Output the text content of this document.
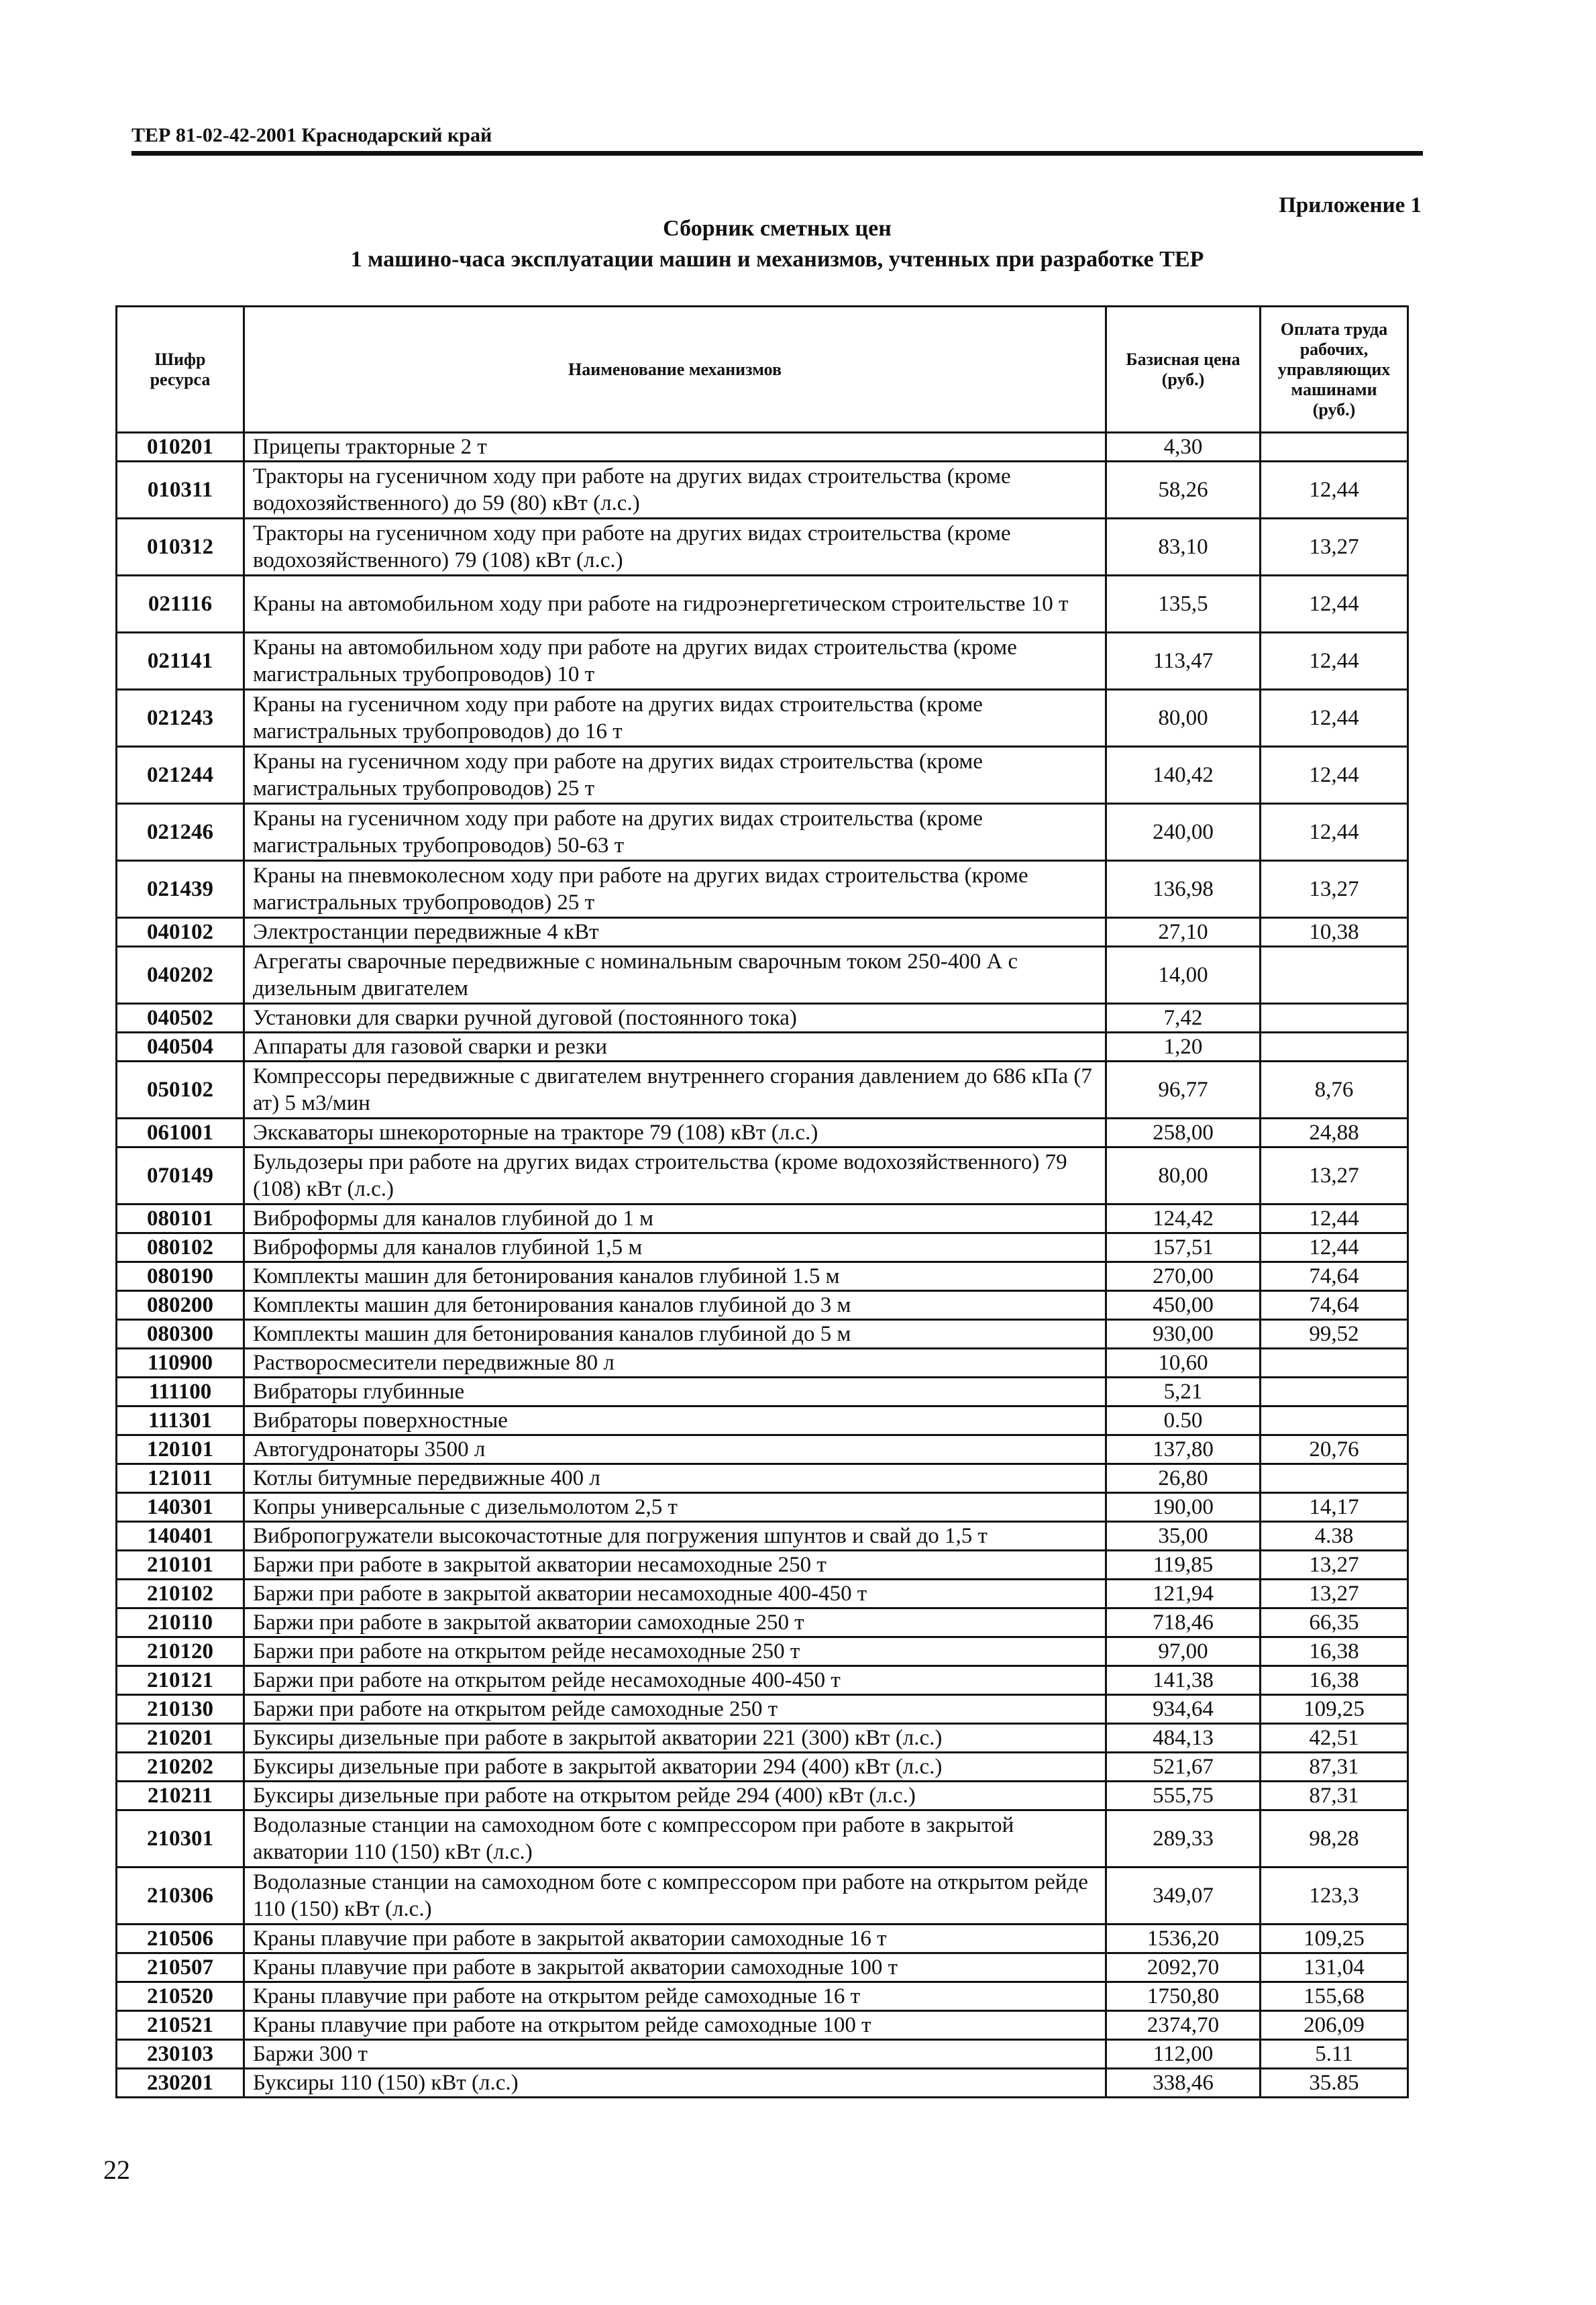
ТЕР 81-02-42-2001 Краснодарский край
Приложение 1
Сборник сметных цен
1 машино-часа эксплуатации машин и механизмов, учтенных при разработке ТЕР
Шифр ресурса	Наименование механизмов	Базисная цена (руб.)	Оплата труда рабочих, управляющих машинами (руб.)
010201	Прицепы тракторные 2 т	4,30	
010311	Тракторы на гусеничном ходу при работе на других видах строительства (кроме водохозяйственного) до 59 (80) кВт (л.с.)	58,26	12,44
010312	Тракторы на гусеничном ходу при работе на других видах строительства (кроме водохозяйственного) 79 (108) кВт (л.с.)	83,10	13,27
021116	Краны на автомобильном ходу при работе на гидроэнергетическом строительстве 10 т	135,5	12,44
021141	Краны на автомобильном ходу при работе на других видах строительства (кроме магистральных трубопроводов) 10 т	113,47	12,44
021243	Краны на гусеничном ходу при работе на других видах строительства (кроме магистральных трубопроводов) до 16 т	80,00	12,44
021244	Краны на гусеничном ходу при работе на других видах строительства (кроме магистральных трубопроводов) 25 т	140,42	12,44
021246	Краны на гусеничном ходу при работе на других видах строительства (кроме магистральных трубопроводов) 50-63 т	240,00	12,44
021439	Краны на пневмоколесном ходу при работе на других видах строительства (кроме магистральных трубопроводов) 25 т	136,98	13,27
040102	Электростанции передвижные 4 кВт	27,10	10,38
040202	Агрегаты сварочные передвижные с номинальным сварочным током 250-400 А с дизельным двигателем	14,00	
040502	Установки для сварки ручной дуговой (постоянного тока)	7,42	
040504	Аппараты для газовой сварки и резки	1,20	
050102	Компрессоры передвижные с двигателем внутреннего сгорания давлением до 686 кПа (7 ат) 5 м3/мин	96,77	8,76
061001	Экскаваторы шнекороторные на тракторе 79 (108) кВт (л.с.)	258,00	24,88
070149	Бульдозеры при работе на других видах строительства (кроме водохозяйственного) 79 (108) кВт (л.с.)	80,00	13,27
080101	Виброформы для каналов глубиной до 1 м	124,42	12,44
080102	Виброформы для каналов глубиной 1,5 м	157,51	12,44
080190	Комплекты машин для бетонирования каналов глубиной 1.5 м	270,00	74,64
080200	Комплекты машин для бетонирования каналов глубиной до 3 м	450,00	74,64
080300	Комплекты машин для бетонирования каналов глубиной до 5 м	930,00	99,52
110900	Растворосмесители передвижные 80 л	10,60	
111100	Вибраторы глубинные	5,21	
111301	Вибраторы поверхностные	0.50	
120101	Автогудронаторы 3500 л	137,80	20,76
121011	Котлы битумные передвижные 400 л	26,80	
140301	Копры универсальные с дизельмолотом 2,5 т	190,00	14,17
140401	Вибропогружатели высокочастотные для погружения шпунтов и свай до 1,5 т	35,00	4.38
210101	Баржи при работе в закрытой акватории несамоходные 250 т	119,85	13,27
210102	Баржи при работе в закрытой акватории несамоходные 400-450 т	121,94	13,27
210110	Баржи при работе в закрытой акватории самоходные 250 т	718,46	66,35
210120	Баржи при работе на открытом рейде несамоходные 250 т	97,00	16,38
210121	Баржи при работе на открытом рейде несамоходные 400-450 т	141,38	16,38
210130	Баржи при работе на открытом рейде самоходные 250 т	934,64	109,25
210201	Буксиры дизельные при работе в закрытой акватории 221 (300) кВт (л.с.)	484,13	42,51
210202	Буксиры дизельные при работе в закрытой акватории 294 (400) кВт (л.с.)	521,67	87,31
210211	Буксиры дизельные при работе на открытом рейде 294 (400) кВт (л.с.)	555,75	87,31
210301	Водолазные станции на самоходном боте с компрессором при работе в закрытой акватории 110 (150) кВт (л.с.)	289,33	98,28
210306	Водолазные станции на самоходном боте с компрессором при работе на открытом рейде 110 (150) кВт (л.с.)	349,07	123,3
210506	Краны плавучие при работе в закрытой акватории самоходные 16 т	1536,20	109,25
210507	Краны плавучие при работе в закрытой акватории самоходные 100 т	2092,70	131,04
210520	Краны плавучие при работе на открытом рейде самоходные 16 т	1750,80	155,68
210521	Краны плавучие при работе на открытом рейде самоходные 100 т	2374,70	206,09
230103	Баржи 300 т	112,00	5.11
230201	Буксиры 110 (150) кВт (л.с.)	338,46	35.85
22
